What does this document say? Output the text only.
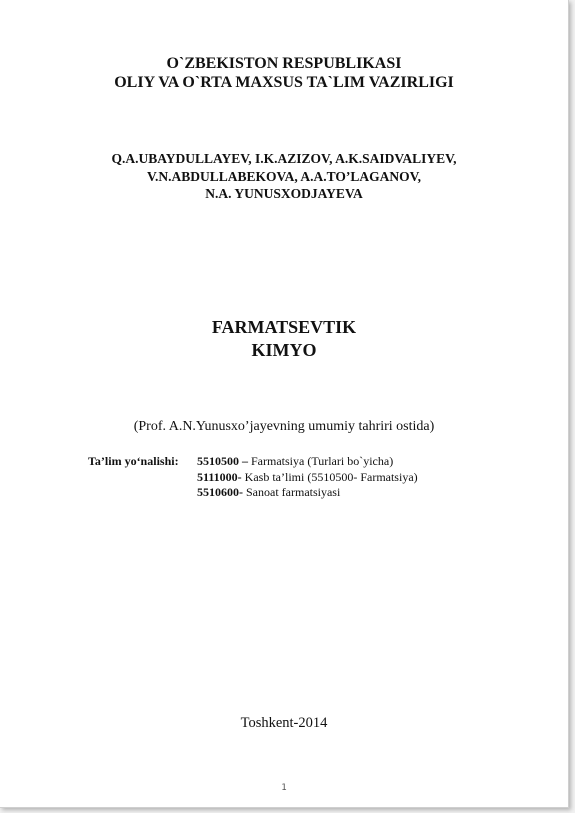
O`ZBEKISTON RESPUBLIKASI
OLIY VA O`RTA MAXSUS TA`LIM VAZIRLIGI
Q.A.UBAYDULLAYEV, I.K.AZIZOV, A.K.SAIDVALIYEV,
V.N.ABDULLABEKOVA, A.A.TO’LAGANOV,
N.A. YUNUSXODJAYEVA
FARMATSEVTIK
KIMYO
(Prof. A.N.Yunusxo’jayevning umumiy tahriri ostida)
Ta’lim yo‘nalishi: 5510500 – Farmatsiya (Turlari bo`yicha)
5111000- Kasb ta’limi (5510500- Farmatsiya)
5510600- Sanoat farmatsiyasi
Toshkent-2014
1
